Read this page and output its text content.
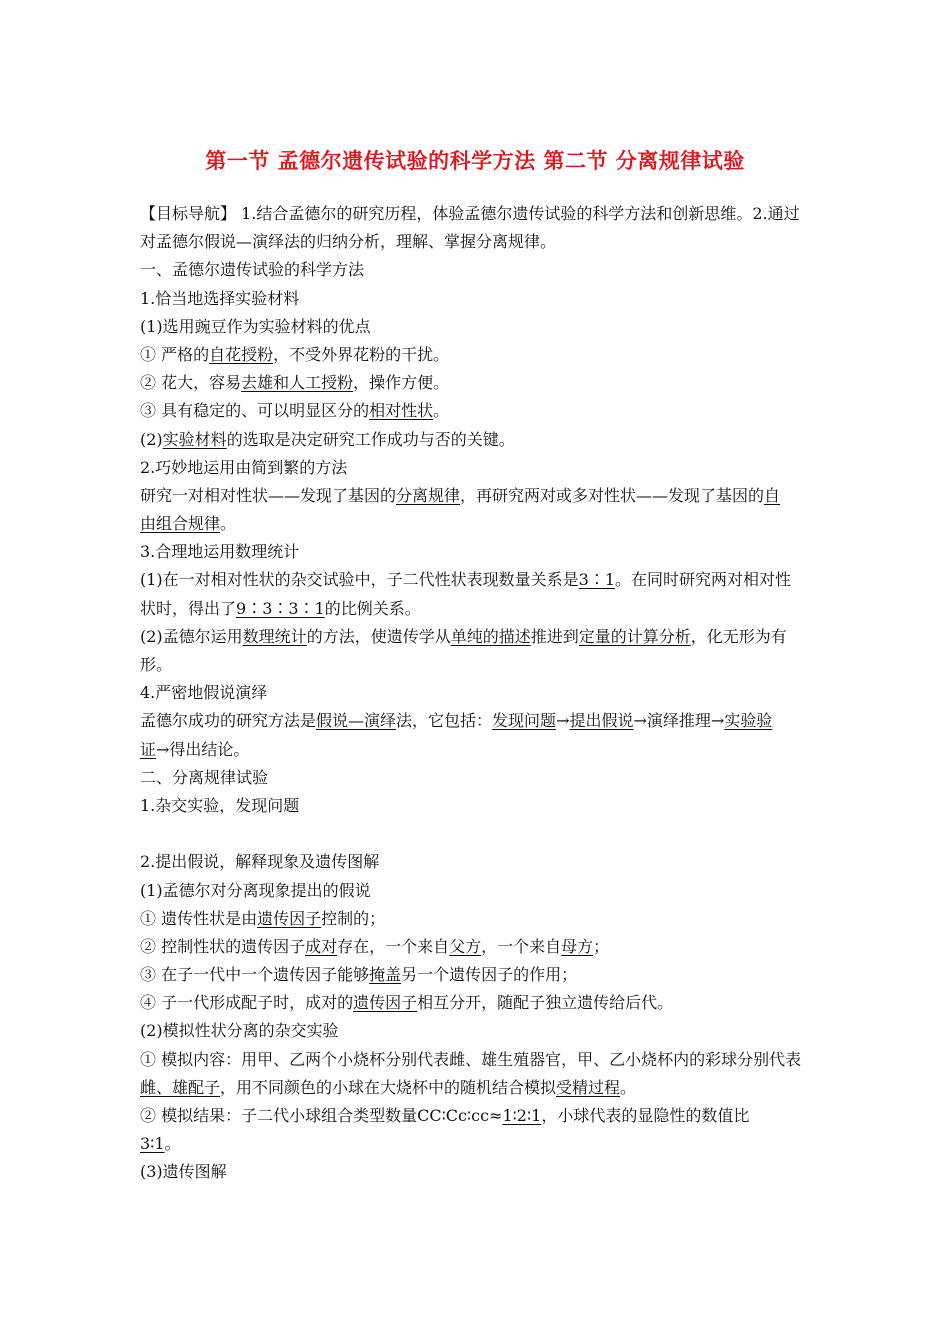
第一节 孟德尔遗传试验的科学方法 第二节 分离规律试验
【目标导航】 1.结合孟德尔的研究历程，体验孟德尔遗传试验的科学方法和创新思维。2.通过
对孟德尔假说—演绎法的归纳分析，理解、掌握分离规律。
一、孟德尔遗传试验的科学方法
1.恰当地选择实验材料
(1)选用豌豆作为实验材料的优点
① 严格的自花授粉，不受外界花粉的干扰。
② 花大，容易去雄和人工授粉，操作方便。
③ 具有稳定的、可以明显区分的相对性状。
(2)实验材料的选取是决定研究工作成功与否的关键。
2.巧妙地运用由简到繁的方法
研究一对相对性状——发现了基因的分离规律，再研究两对或多对性状——发现了基因的自
由组合规律。
3.合理地运用数理统计
(1)在一对相对性状的杂交试验中，子二代性状表现数量关系是3∶1。在同时研究两对相对性
状时，得出了9∶3∶3∶1的比例关系。
(2)孟德尔运用数理统计的方法，使遗传学从单纯的描述推进到定量的计算分析，化无形为有
形。
4.严密地假说演绎
孟德尔成功的研究方法是假说—演绎法，它包括：发现问题→提出假说→演绎推理→实验验
证→得出结论。
二、分离规律试验
1.杂交实验，发现问题
2.提出假说，解释现象及遗传图解
(1)孟德尔对分离现象提出的假说
① 遗传性状是由遗传因子控制的；
② 控制性状的遗传因子成对存在，一个来自父方，一个来自母方；
③ 在子一代中一个遗传因子能够掩盖另一个遗传因子的作用；
④ 子一代形成配子时，成对的遗传因子相互分开，随配子独立遗传给后代。
(2)模拟性状分离的杂交实验
① 模拟内容：用甲、乙两个小烧杯分别代表雌、雄生殖器官，甲、乙小烧杯内的彩球分别代表
雌、雄配子，用不同颜色的小球在大烧杯中的随机结合模拟受精过程。
② 模拟结果：子二代小球组合类型数量CC∶Cc∶cc≈1∶2∶1，小球代表的显隐性的数值比
3∶1。
(3)遗传图解
